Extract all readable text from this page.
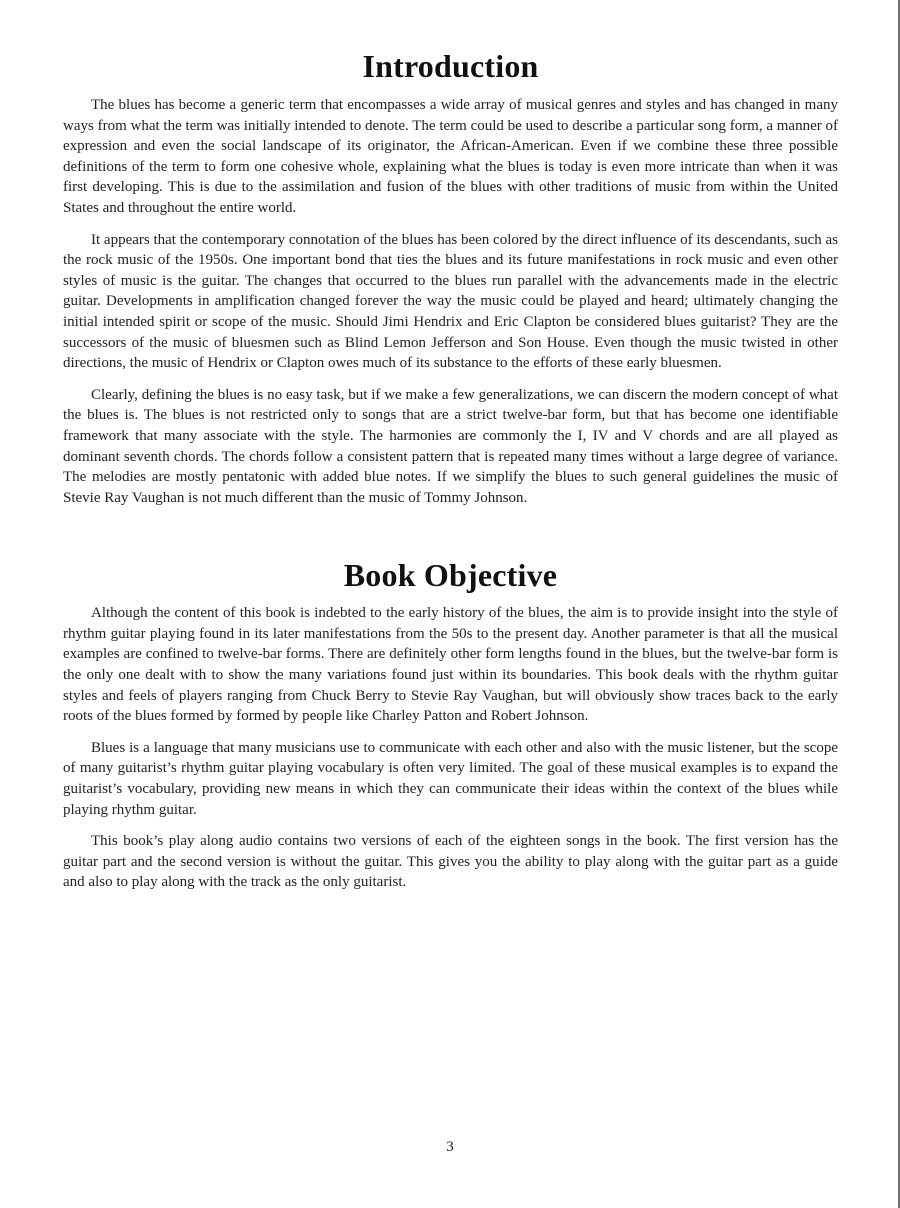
Introduction

The blues has become a generic term that encompasses a wide array of musical genres and styles and has changed in many ways from what the term was initially intended to denote. The term could be used to describe a particular song form, a manner of expression and even the social landscape of its originator, the African-American. Even if we combine these three possible definitions of the term to form one cohesive whole, explaining what the blues is today is even more intricate than when it was first developing. This is due to the assimilation and fusion of the blues with other traditions of music from within the United States and throughout the entire world.

It appears that the contemporary connotation of the blues has been colored by the direct influence of its descendants, such as the rock music of the 1950s. One important bond that ties the blues and its future manifestations in rock music and even other styles of music is the guitar. The changes that occurred to the blues run parallel with the advancements made in the electric guitar. Developments in amplification changed forever the way the music could be played and heard; ultimately changing the initial intended spirit or scope of the music. Should Jimi Hendrix and Eric Clapton be considered blues guitarist? They are the successors of the music of bluesmen such as Blind Lemon Jefferson and Son House. Even though the music twisted in other directions, the music of Hendrix or Clapton owes much of its substance to the efforts of these early bluesmen.

Clearly, defining the blues is no easy task, but if we make a few generalizations, we can discern the modern concept of what the blues is. The blues is not restricted only to songs that are a strict twelve-bar form, but that has become one identifiable framework that many associate with the style. The harmonies are commonly the I, IV and V chords and are all played as dominant seventh chords. The chords follow a consistent pattern that is repeated many times without a large degree of variance. The melodies are mostly pentatonic with added blue notes. If we simplify the blues to such general guidelines the music of Stevie Ray Vaughan is not much different than the music of Tommy Johnson.

Book Objective

Although the content of this book is indebted to the early history of the blues, the aim is to provide insight into the style of rhythm guitar playing found in its later manifestations from the 50s to the present day. Another parameter is that all the musical examples are confined to twelve-bar forms. There are definitely other form lengths found in the blues, but the twelve-bar form is the only one dealt with to show the many variations found just within its boundaries. This book deals with the rhythm guitar styles and feels of players ranging from Chuck Berry to Stevie Ray Vaughan, but will obviously show traces back to the early roots of the blues formed by formed by people like Charley Patton and Robert Johnson.

Blues is a language that many musicians use to communicate with each other and also with the music listener, but the scope of many guitarist’s rhythm guitar playing vocabulary is often very limited. The goal of these musical examples is to expand the guitarist’s vocabulary, providing new means in which they can communicate their ideas within the context of the blues while playing rhythm guitar.

This book’s play along audio contains two versions of each of the eighteen songs in the book. The first version has the guitar part and the second version is without the guitar. This gives you the ability to play along with the guitar part as a guide and also to play along with the track as the only guitarist.

3
